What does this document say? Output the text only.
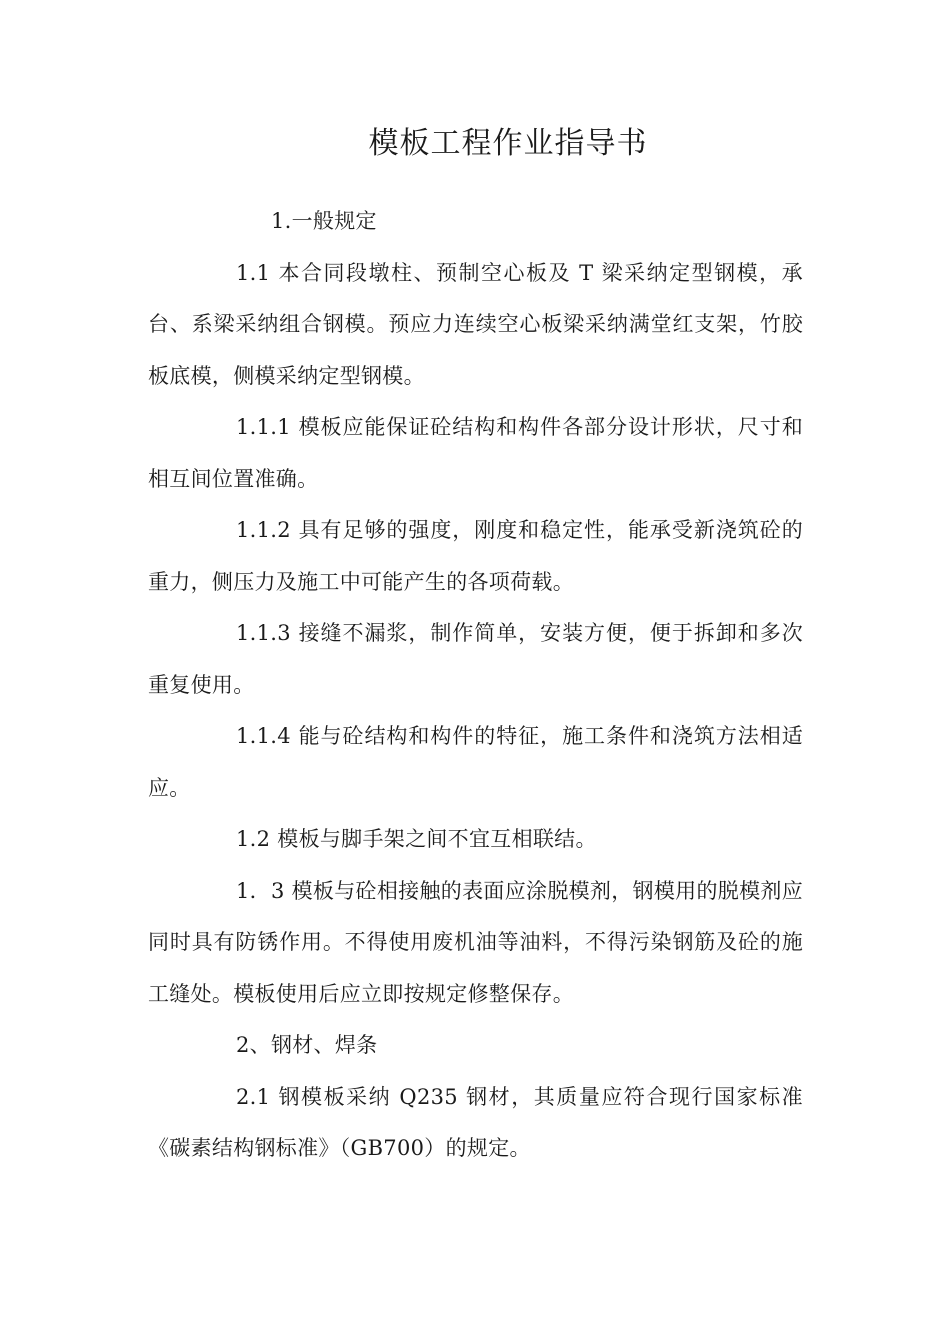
模板工程作业指导书

1.一般规定

1.1 本合同段墩柱、预制空心板及 T 梁采纳定型钢模，承台、系梁采纳组合钢模。预应力连续空心板梁采纳满堂红支架，竹胶板底模，侧模采纳定型钢模。

1.1.1 模板应能保证砼结构和构件各部分设计形状，尺寸和相互间位置准确。

1.1.2 具有足够的强度，刚度和稳定性，能承受新浇筑砼的重力，侧压力及施工中可能产生的各项荷载。

1.1.3 接缝不漏浆，制作简单，安装方便，便于拆卸和多次重复使用。

1.1.4 能与砼结构和构件的特征，施工条件和浇筑方法相适应。

1.2 模板与脚手架之间不宜互相联结。

1．3 模板与砼相接触的表面应涂脱模剂，钢模用的脱模剂应同时具有防锈作用。不得使用废机油等油料，不得污染钢筋及砼的施工缝处。模板使用后应立即按规定修整保存。

2、钢材、焊条

2.1 钢模板采纳 Q235 钢材，其质量应符合现行国家标准《碳素结构钢标准》（GB700）的规定。
